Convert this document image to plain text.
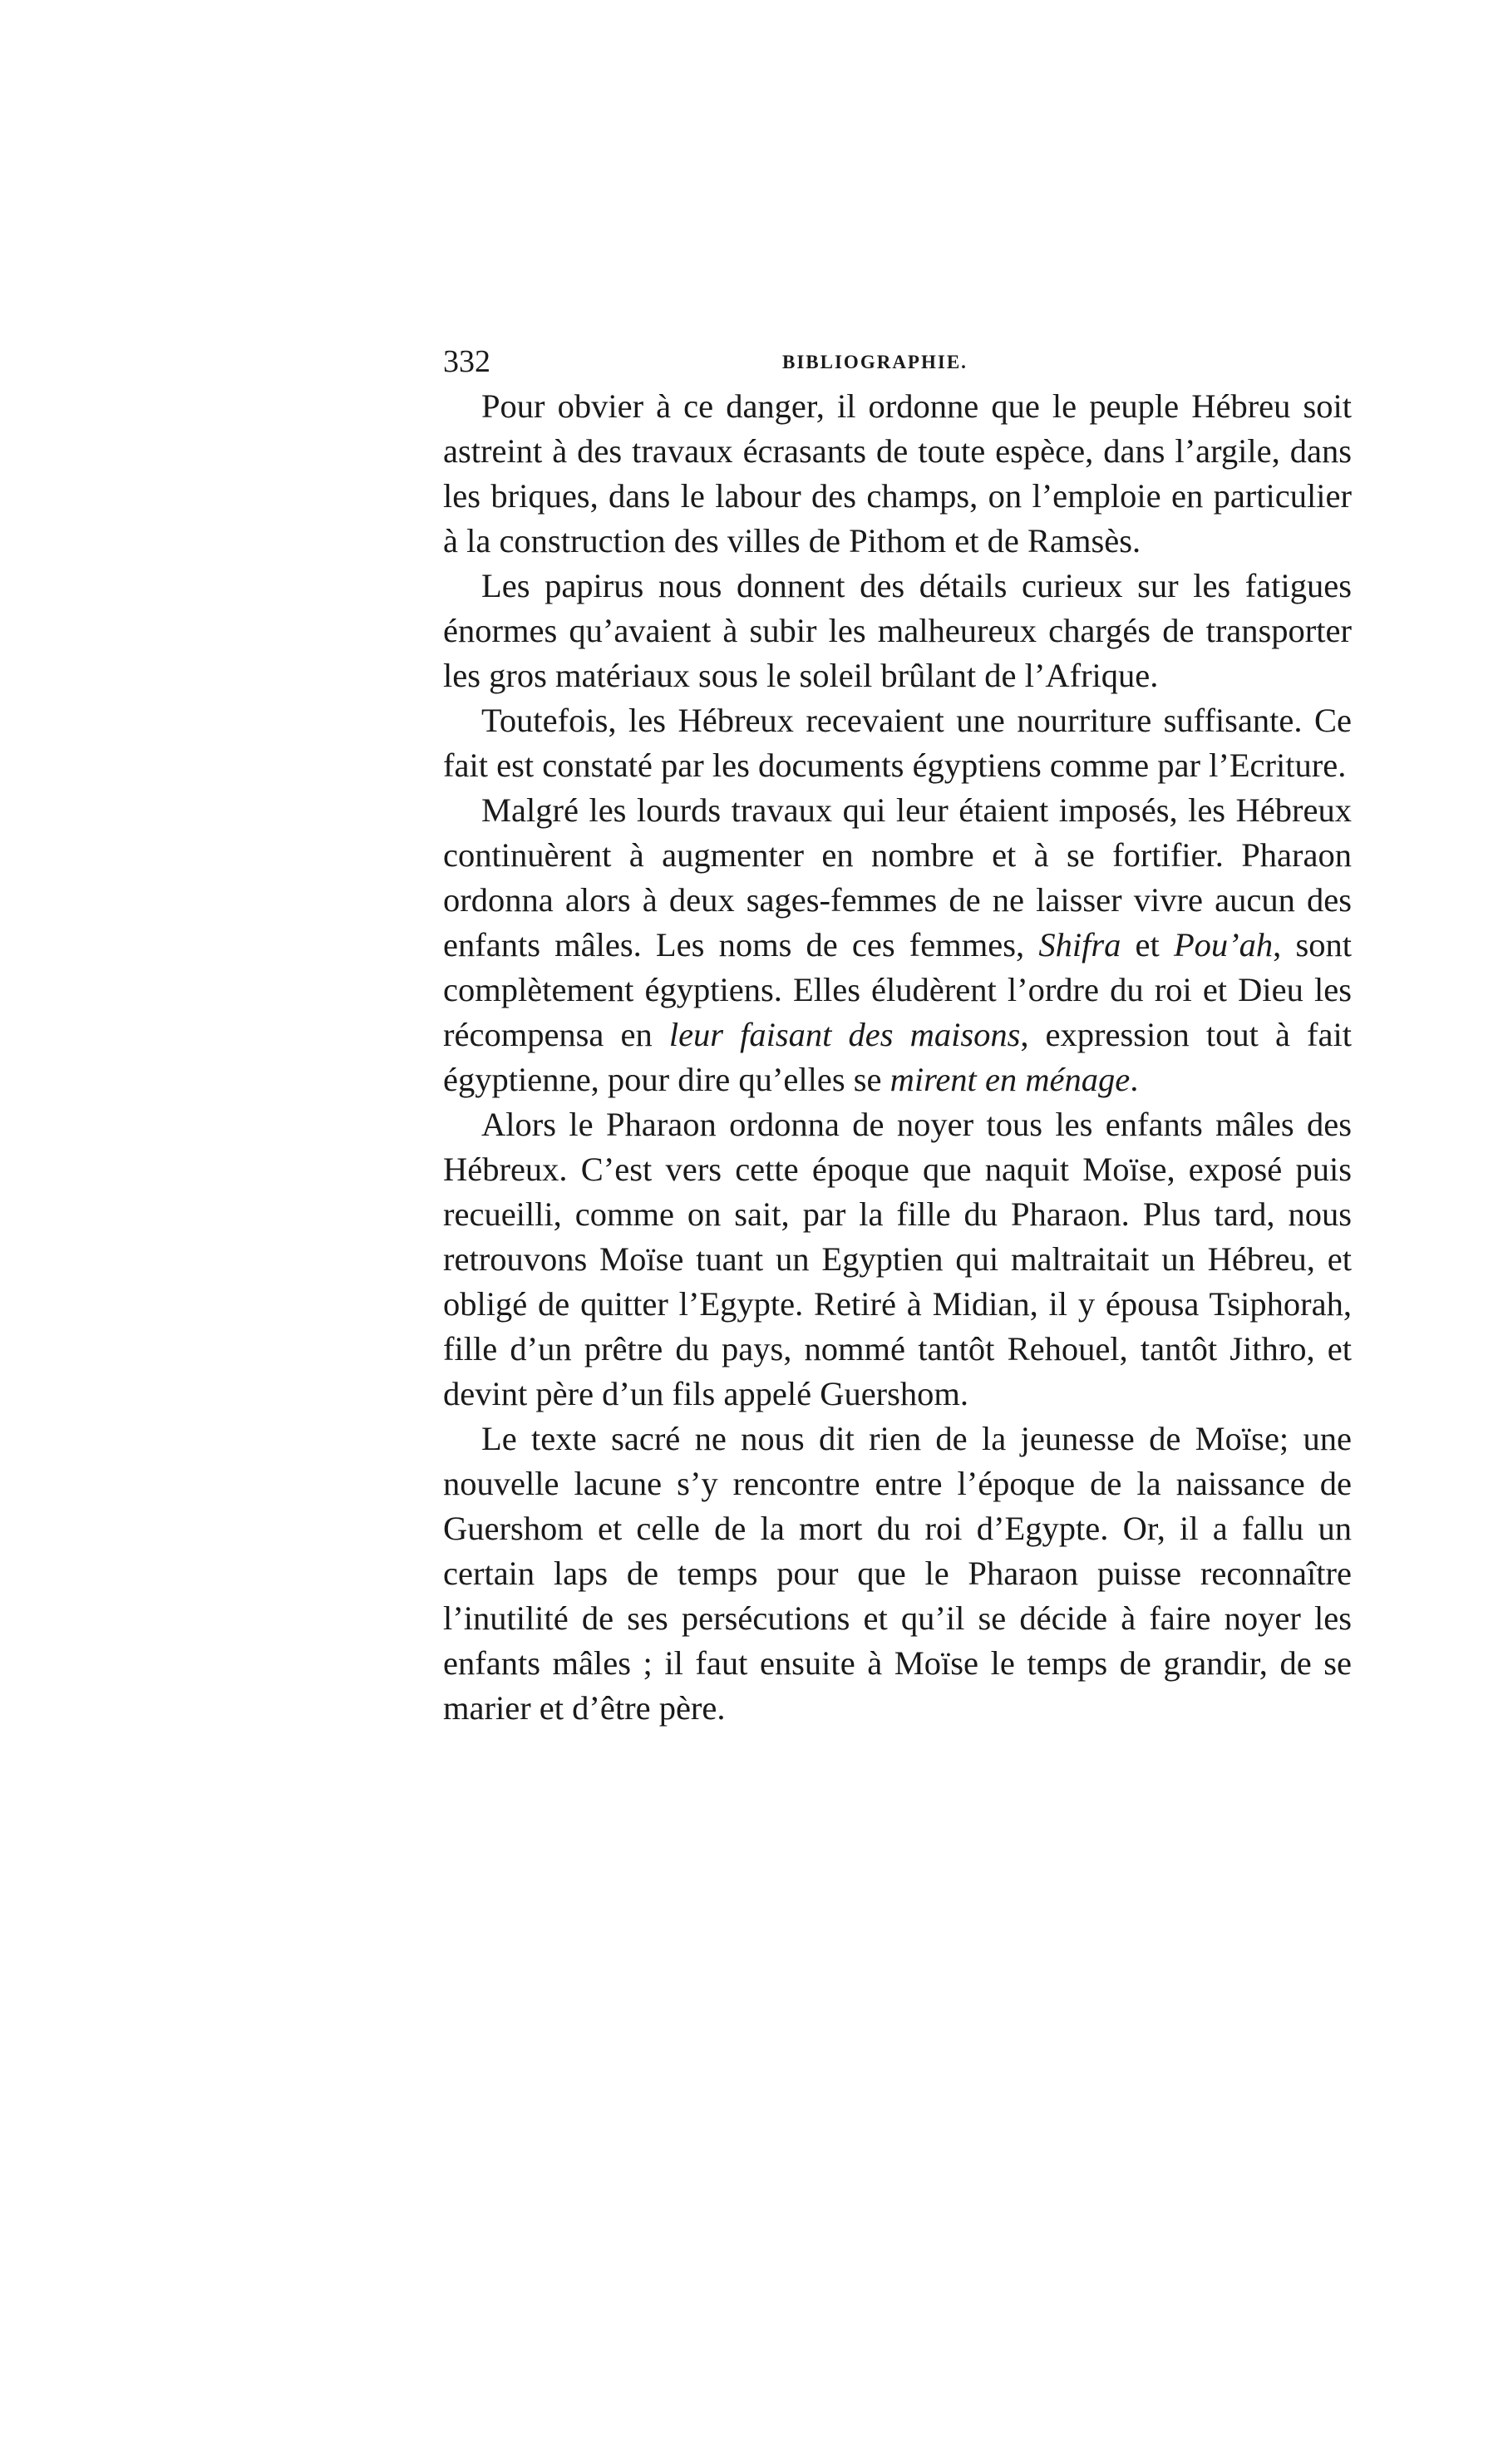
332	BIBLIOGRAPHIE.

Pour obvier à ce danger, il ordonne que le peuple Hébreu soit astreint à des travaux écrasants de toute espèce, dans l’argile, dans les briques, dans le labour des champs, on l’emploie en particulier à la construction des villes de Pithom et de Ramsès.

Les papirus nous donnent des détails curieux sur les fatigues énormes qu’avaient à subir les malheureux chargés de transporter les gros matériaux sous le soleil brûlant de l’Afrique.

Toutefois, les Hébreux recevaient une nourriture suffisante. Ce fait est constaté par les documents égyptiens comme par l’Ecriture.

Malgré les lourds travaux qui leur étaient imposés, les Hébreux continuèrent à augmenter en nombre et à se fortifier. Pharaon ordonna alors à deux sages-femmes de ne laisser vivre aucun des enfants mâles. Les noms de ces femmes, Shifra et Pou’ah, sont complètement égyptiens. Elles éludèrent l’ordre du roi et Dieu les récompensa en leur faisant des maisons, expression tout à fait égyptienne, pour dire qu’elles se mirent en ménage.

Alors le Pharaon ordonna de noyer tous les enfants mâles des Hébreux. C’est vers cette époque que naquit Moïse, exposé puis recueilli, comme on sait, par la fille du Pharaon. Plus tard, nous retrouvons Moïse tuant un Egyptien qui maltraitait un Hébreu, et obligé de quitter l’Egypte. Retiré à Midian, il y épousa Tsiphorah, fille d’un prêtre du pays, nommé tantôt Rehouel, tantôt Jithro, et devint père d’un fils appelé Guershom.

Le texte sacré ne nous dit rien de la jeunesse de Moïse; une nouvelle lacune s’y rencontre entre l’époque de la naissance de Guershom et celle de la mort du roi d’Egypte. Or, il a fallu un certain laps de temps pour que le Pharaon puisse reconnaître l’inutilité de ses persécutions et qu’il se décide à faire noyer les enfants mâles ; il faut ensuite à Moïse le temps de grandir, de se marier et d’être père.
